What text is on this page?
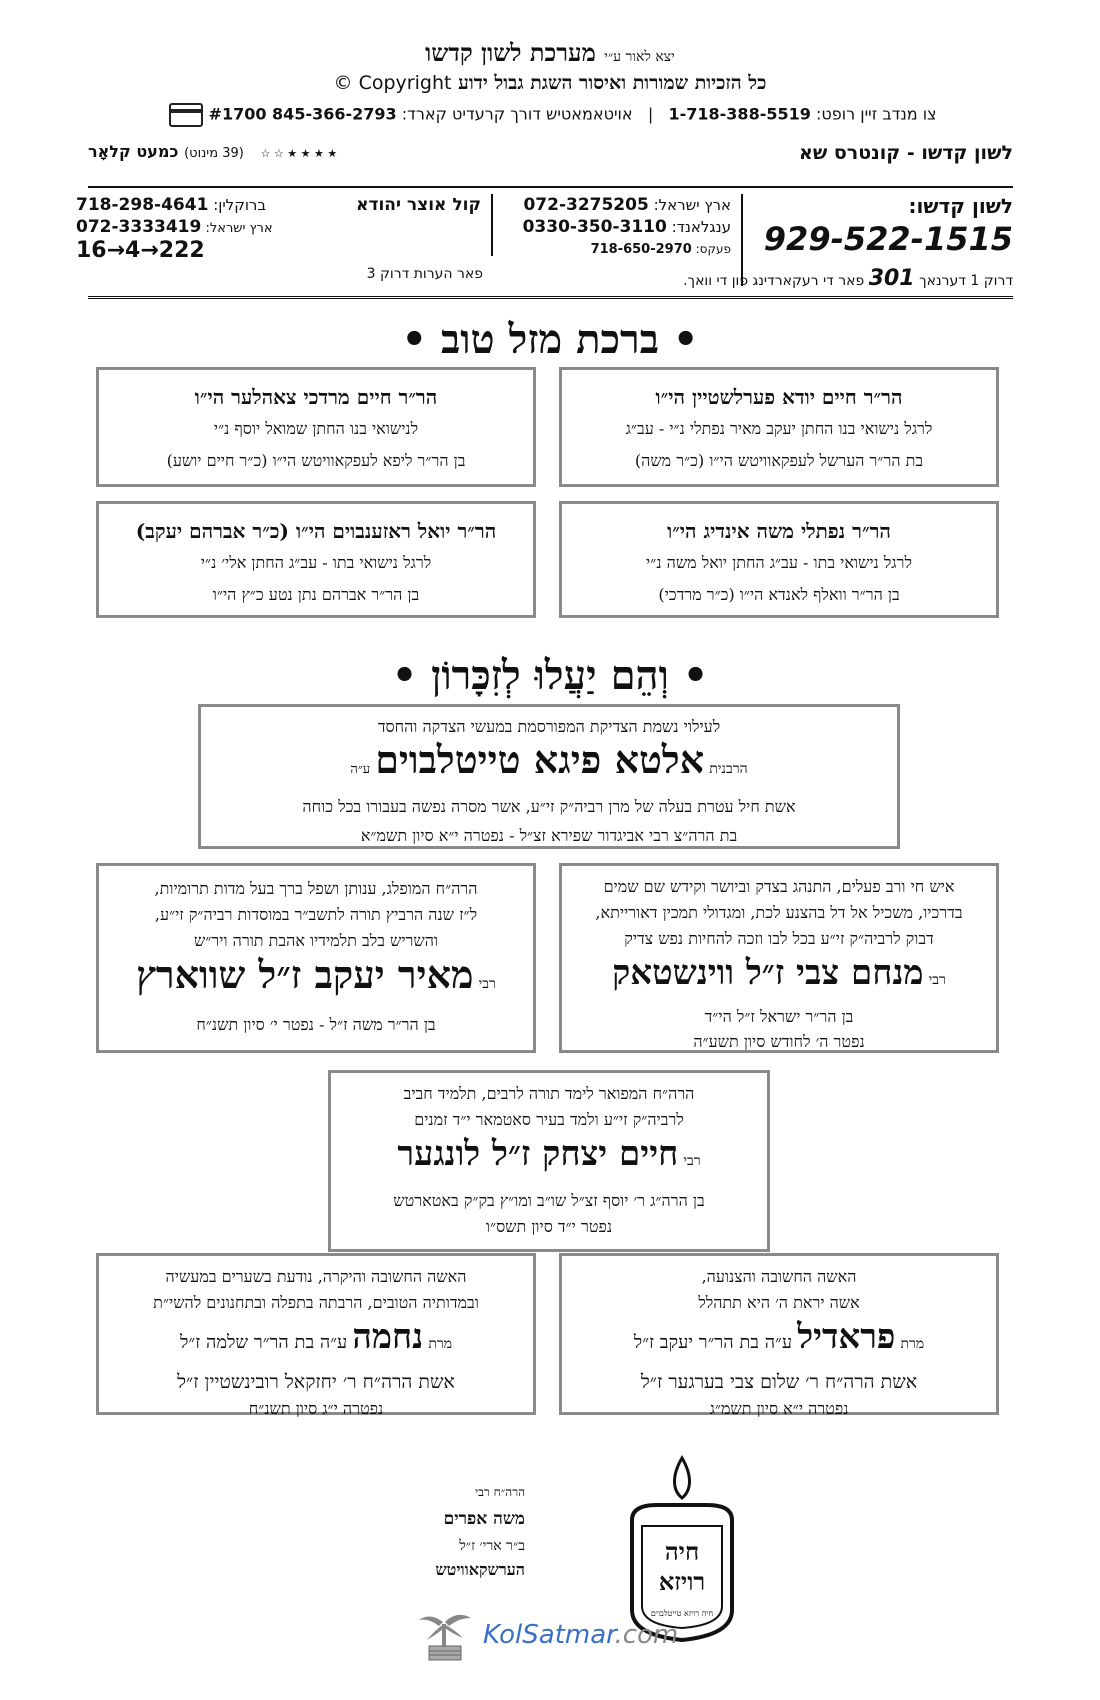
יצא לאור ע״י מערכת לשון קדשו
כל הזכיות שמורות ואיסור השגת גבול ידוע Copyright ©
צו מנדב זיין רופט: 1-718-388-5519   |   אויטאמאטיש דורך קרעדיט קארד: 845-366-2793 #1700
לשון קדשו - קונטרס שא
★ ★ ★ ★ ☆ ☆   (39 מינוט) כמעט קלאָר
לשון קדשו:
929-522-1515
ארץ ישראל: 072-3275205
ענגלאנד: 0330-350-3110
פעקס: 718-650-2970
קול אוצר יהודא
ברוקלין: 718-298-4641
ארץ ישראל: 072-3333419
16→4→222
דרוק 1 דערנאך 301 פאר די רעקארדינג פון די וואך.
פאר הערות דרוק 3
• ברכת מזל טוב •
הר״ר חיים יודא פערלשטיין הי״ו
לרגל נישואי בנו החתן יעקב מאיר נפתלי נ״י - עב״ג
בת הר״ר הערשל לעפקאוויטש הי״ו (כ״ר משה)
הר״ר חיים מרדכי צאהלער הי״ו
לנישואי בנו החתן שמואל יוסף נ״י
בן הר״ר ליפא לעפקאוויטש הי״ו (כ״ר חיים יושע)
הר״ר נפתלי משה אינדיג הי״ו
לרגל נישואי בתו - עב״ג החתן יואל משה נ״י
בן הר״ר וואלף לאנדא הי״ו (כ״ר מרדכי)
הר״ר יואל ראזענבוים הי״ו (כ״ר אברהם יעקב)
לרגל נישואי בתו - עב״ג החתן אלי׳ נ״י
בן הר״ר אברהם נתן נטע כ״ץ הי״ו
• וְהֵם יַעֲלוּ לְזִכָּרוֹן •
לעילוי נשמת הצדיקת המפורסמת במעשי הצדקה והחסד
הרבנית אלטא פיגא טייטלבוים ע״ה
אשת חיל עטרת בעלה של מרן רביה״ק זי״ע, אשר מסרה נפשה בעבורו בכל כוחה
בת הרה״צ רבי אביגדור שפירא זצ״ל - נפטרה י״א סיון תשמ״א
איש חי ורב פעלים, התנהג בצדק וביושר וקידש שם שמים
בדרכיו, משכיל אל דל בהצנע לכת, ומגדולי תמכין דאורייתא,
דבוק לרביה״ק זי״ע בכל לבו וזכה להחיות נפש צדיק
רבי מנחם צבי ז״ל ווינשטאק
בן הר״ר ישראל ז״ל הי״ד
נפטר ה׳ לחודש סיון תשע״ה
הרה״ח המופלג, ענותן ושפל ברך בעל מדות תרומיות,
ל״ז שנה הרביץ תורה לתשב״ר במוסדות רביה״ק זי״ע,
והשריש בלב תלמידיו אהבת תורה ויר״ש
רבי מאיר יעקב ז״ל שווארץ
בן הר״ר משה ז״ל - נפטר י׳ סיון תשנ״ח
הרה״ח המפואר לימד תורה לרבים, תלמיד חביב
לרביה״ק זי״ע ולמד בעיר סאטמאר י״ד זמנים
רבי חיים יצחק ז״ל לונגער
בן הרה״ג ר׳ יוסף זצ״ל שו״ב ומו״ץ בק״ק באטארטש
נפטר י״ד סיון תשס״ו
האשה החשובה והצנועה,
אשה יראת ה׳ היא תתהלל
מרת פראדיל ע״ה בת הר״ר יעקב ז״ל
אשת הרה״ח ר׳ שלום צבי בערגער ז״ל
נפטרה י״א סיון תשמ״ג
האשה החשובה והיקרה, נודעת בשערים במעשיה
ובמדותיה הטובים, הרבתה בתפלה ובתחנונים להשי״ת
מרת נחמה ע״ה בת הר״ר שלמה ז״ל
אשת הרה״ח ר׳ יחזקאל רובינשטיין ז״ל
נפטרה י״ג סיון תשנ״ח
חיה
רויזא
חיה רויזא טייטלבוים
הרה״ח רבי
משה אפרים
ב״ר ארי׳ ז״ל
הערשקאוויטש
KolSatmar.com
